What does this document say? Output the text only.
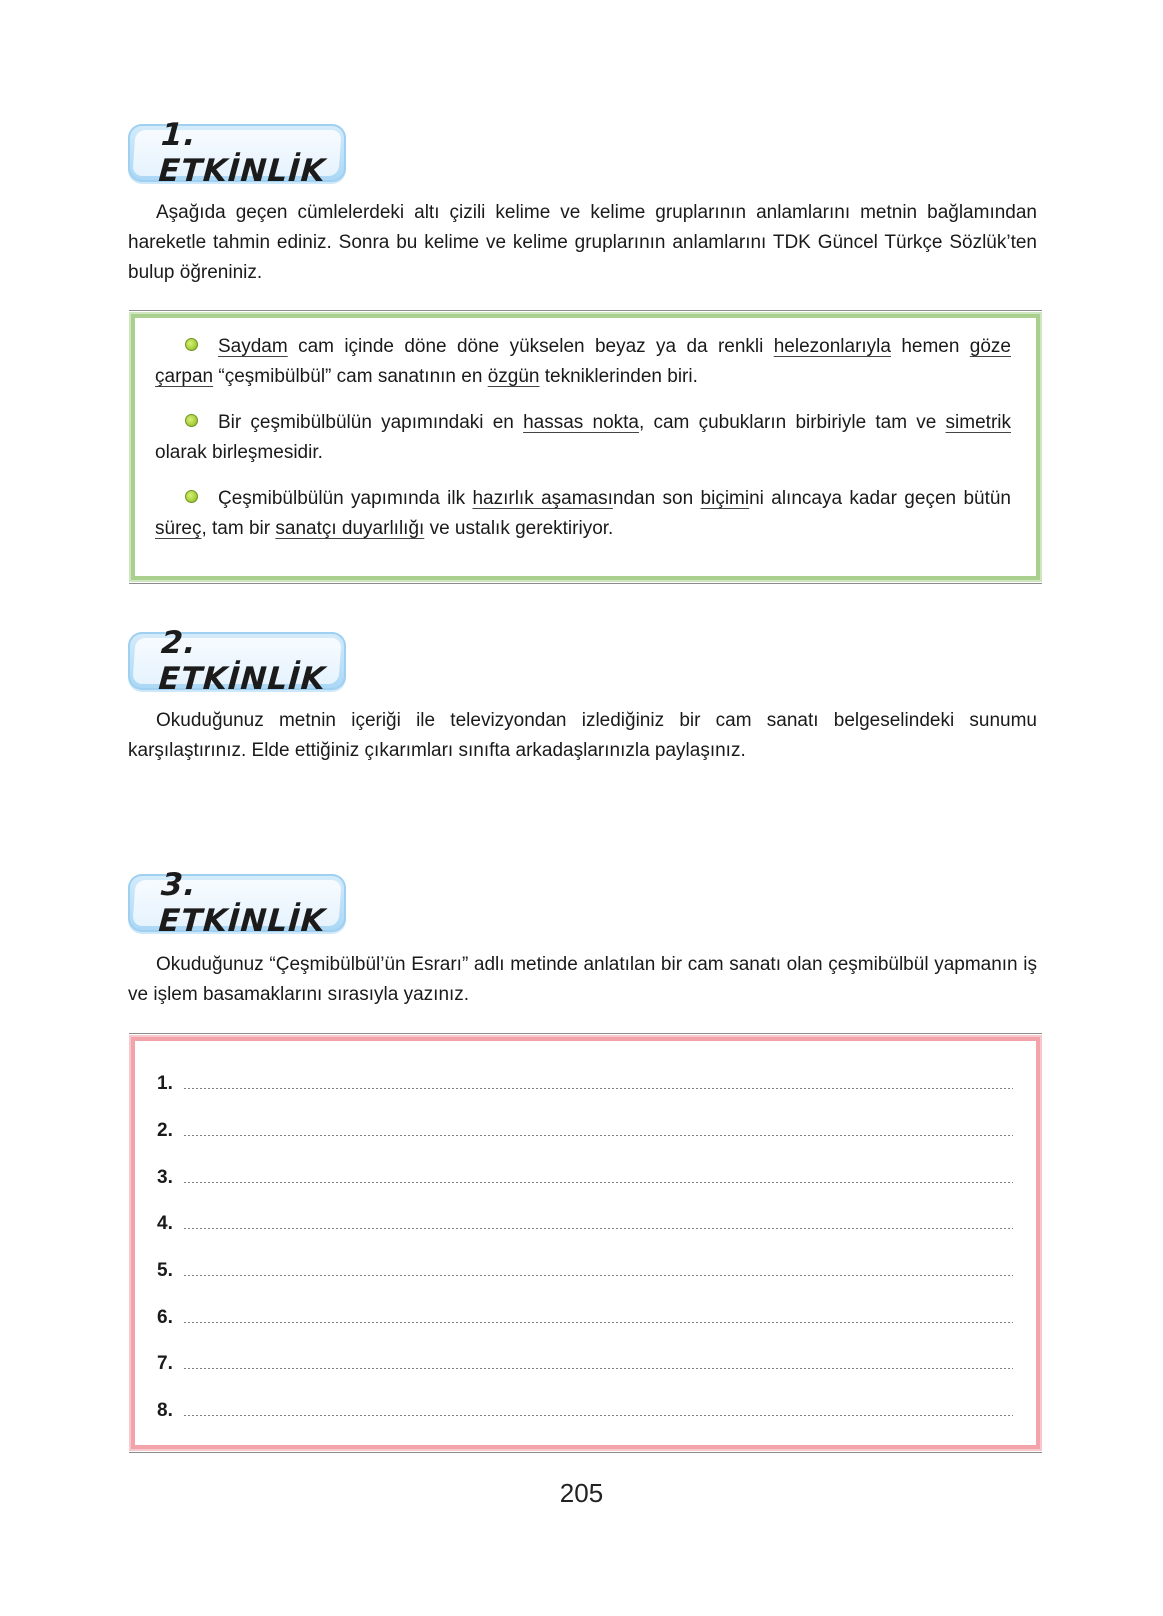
1. ETKİNLİK
Aşağıda geçen cümlelerdeki altı çizili kelime ve kelime gruplarının anlamlarını metnin bağlamından hareketle tahmin ediniz. Sonra bu kelime ve kelime gruplarının anlamlarını TDK Güncel Türkçe Sözlük’ten bulup öğreniniz.
Saydam cam içinde döne döne yükselen beyaz ya da renkli helezonlarıyla hemen göze çarpan “çeşmibülbül” cam sanatının en özgün tekniklerinden biri.
Bir çeşmibülbülün yapımındaki en hassas nokta, cam çubukların birbiriyle tam ve simetrik olarak birleşmesidir.
Çeşmibülbülün yapımında ilk hazırlık aşamasından son biçimini alıncaya kadar geçen bütün süreç, tam bir sanatçı duyarlılığı ve ustalık gerektiriyor.
2. ETKİNLİK
Okuduğunuz metnin içeriği ile televizyondan izlediğiniz bir cam sanatı belgeselindeki sunumu karşılaştırınız. Elde ettiğiniz çıkarımları sınıfta arkadaşlarınızla paylaşınız.
3. ETKİNLİK
Okuduğunuz “Çeşmibülbül’ün Esrarı” adlı metinde anlatılan bir cam sanatı olan çeşmibülbül yapmanın iş ve işlem basamaklarını sırasıyla yazınız.
1.
2.
3.
4.
5.
6.
7.
8.
205
